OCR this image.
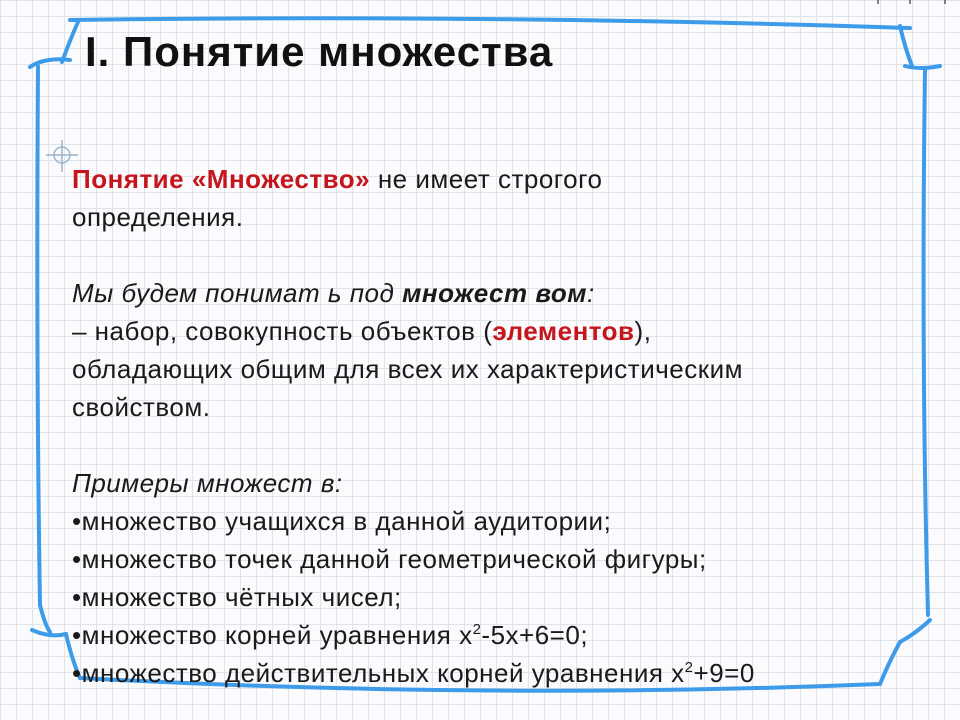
I. Понятие множества

Понятие «Множество» не имеет строгого

определения.

Мы будем понимат ь под множест вом:

– набор, совокупность объектов (элементов),

обладающих общим для всех их характеристическим

свойством.

Примеры множест в:

•множество учащихся в данной аудитории;
•множество точек данной геометрической фигуры;
•множество чётных чисел;
•множество корней уравнения $х^2-5х+6=0$;
•множество действительных корней уравнения $х^2+9=0$
